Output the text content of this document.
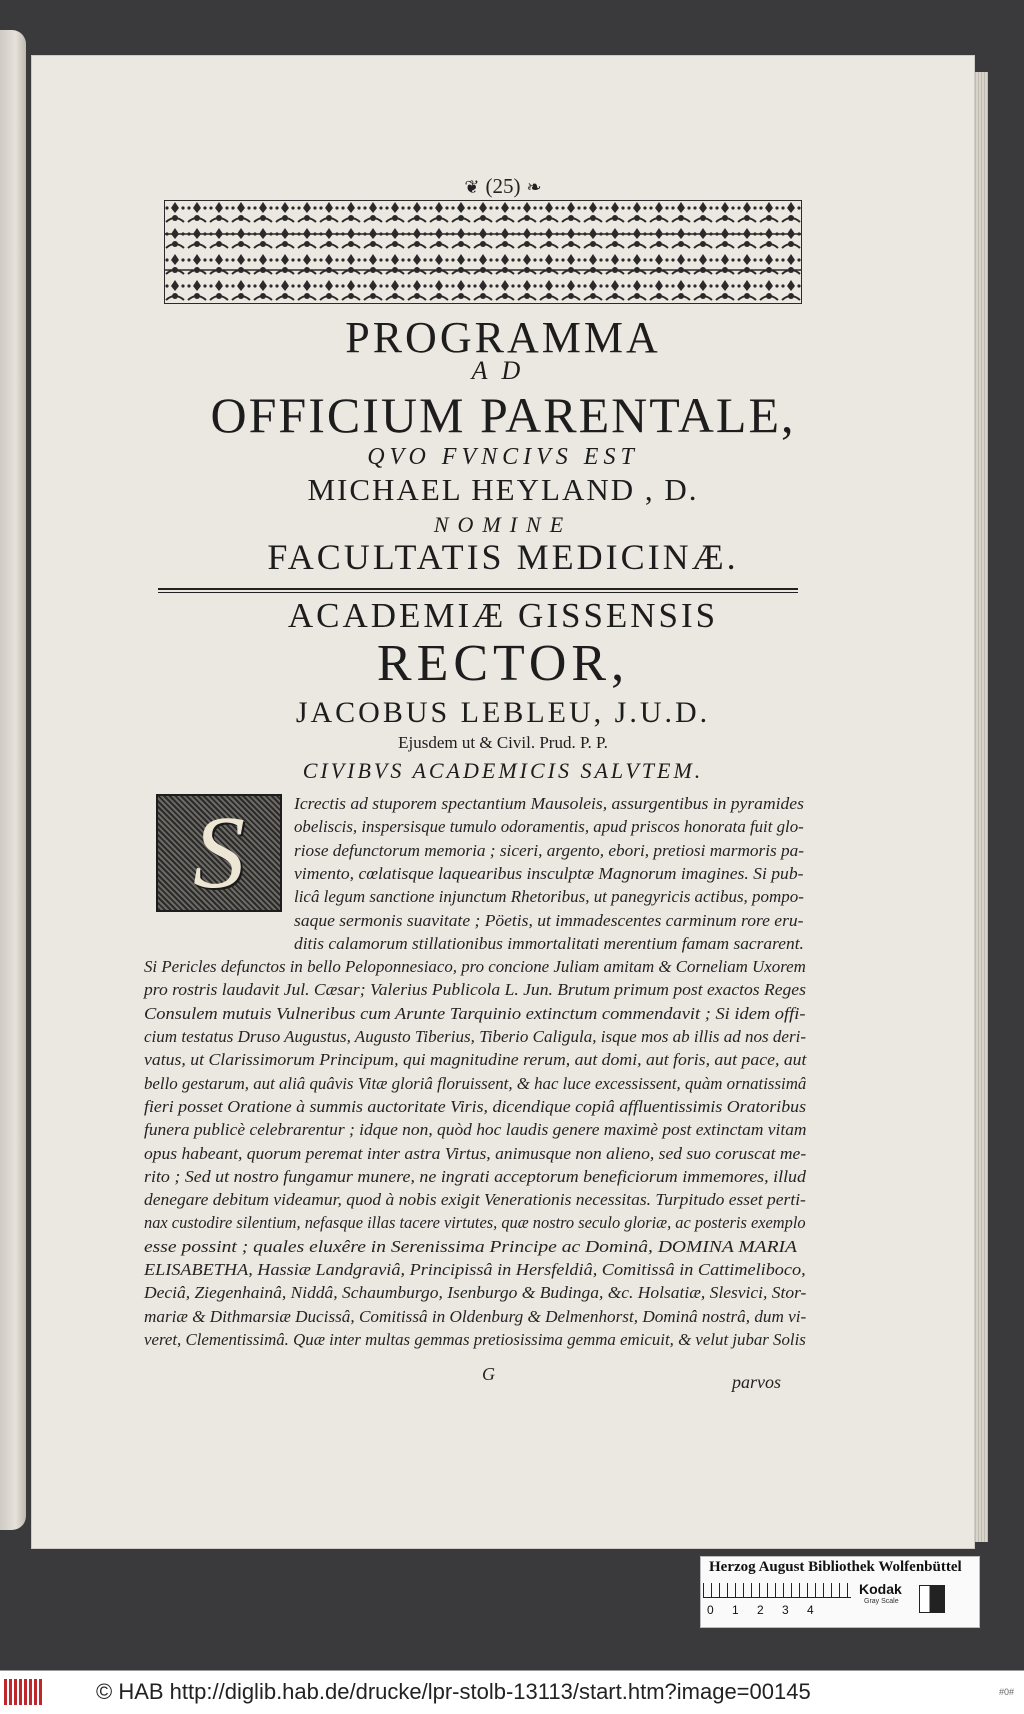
❦ (25) ❧
PROGRAMMA
AD
OFFICIUM PARENTALE,
QVO FVNCIVS EST
MICHAEL HEYLAND , D.
NOMINE
FACULTATIS MEDICINÆ.
ACADEMIÆ GISSENSIS
RECTOR,
JACOBUS LEBLEU, J.U.D.
Ejusdem ut & Civil. Prud. P. P.
CIVIBVS ACADEMICIS SALVTEM.
S	Icrectis ad stuporem spectantium Mausoleis, assurgentibus in pyramides
obeliscis, inspersisque tumulo odoramentis, apud priscos honorata fuit glo-
riose defunctorum memoria ; siceri, argento, ebori, pretiosi marmoris pa-
vimento, cœlatisque laquearibus insculptæ Magnorum imagines. Si pub-
licâ legum sanctione injunctum Rhetoribus, ut panegyricis actibus, pompo-
saque sermonis suavitate ; Pöetis, ut immadescentes carminum rore eru-
ditis calamorum stillationibus immortalitati merentium famam sacrarent.
Si Pericles defunctos in bello Peloponnesiaco, pro concione Juliam amitam & Corneliam Uxorem
pro rostris laudavit Jul. Cæsar; Valerius Publicola L. Jun. Brutum primum post exactos Reges
Consulem mutuis Vulneribus cum Arunte Tarquinio extinctum commendavit ; Si idem offi-
cium testatus Druso Augustus, Augusto Tiberius, Tiberio Caligula, isque mos ab illis ad nos deri-
vatus, ut Clarissimorum Principum, qui magnitudine rerum, aut domi, aut foris, aut pace, aut
bello gestarum, aut aliâ quâvis Vitæ gloriâ floruissent, & hac luce excessissent, quàm ornatissimâ
fieri posset Oratione à summis auctoritate Viris, dicendique copiâ affluentissimis Oratoribus
funera publicè celebrarentur ; idque non, quòd hoc laudis genere maximè post extinctam vitam
opus habeant, quorum peremat inter astra Virtus, animusque non alieno, sed suo coruscat me-
rito ; Sed ut nostro fungamur munere, ne ingrati acceptorum beneficiorum immemores, illud
denegare debitum videamur, quod à nobis exigit Venerationis necessitas. Turpitudo esset perti-
nax custodire silentium, nefasque illas tacere virtutes, quæ nostro seculo gloriæ, ac posteris exemplo
esse possint ; quales eluxêre in Serenissima Principe ac Dominâ, DOMINA MARIA
ELISABETHA, Hassiæ Landgraviâ, Principissâ in Hersfeldiâ, Comitissâ in Cattimeliboco,
Deciâ, Ziegenhainâ, Niddâ, Schaumburgo, Isenburgo & Budinga, &c. Holsatiæ, Slesvici, Stor-
mariæ & Dithmarsiæ Ducissâ, Comitissâ in Oldenburg & Delmenhorst, Dominâ nostrâ, dum vi-
veret, Clementissimâ. Quæ inter multas gemmas pretiosissima gemma emicuit, & velut jubar Solis
G	parvos
Herzog August Bibliothek Wolfenbüttel
0 1 2 3 4
Kodak
Gray Scale
© HAB http://diglib.hab.de/drucke/lpr-stolb-13113/start.htm?image=00145	#0#
